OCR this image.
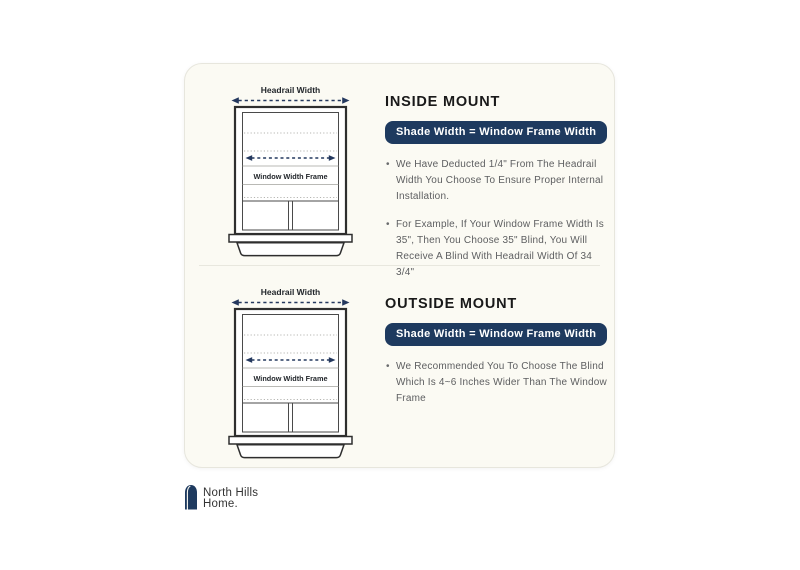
Headrail Width
Window Width Frame
INSIDE MOUNT
Shade Width = Window Frame Width
• We Have Deducted 1/4" From The Headrail Width You Choose To Ensure Proper Internal Installation.
• For Example, If Your Window Frame Width Is 35", Then You Choose 35" Blind, You Will Receive A Blind With Headrail Width Of 34 3/4"
Headrail Width
Window Width Frame
OUTSIDE MOUNT
Shade Width = Window Frame Width
• We Recommended You To Choose The Blind Which Is 4~6 Inches Wider Than The Window Frame
North Hills
Home.
